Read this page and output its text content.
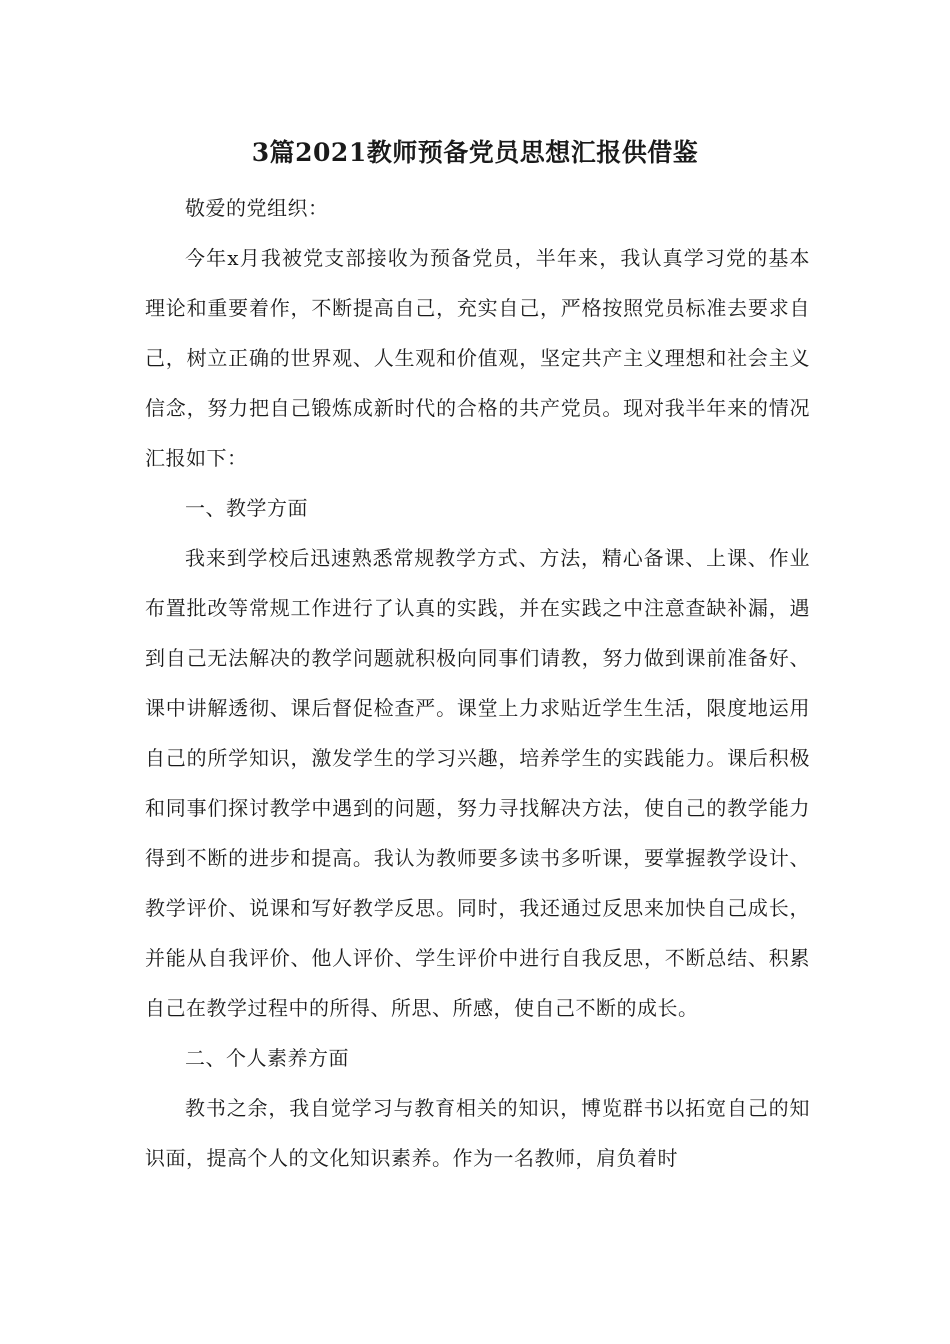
3篇2021教师预备党员思想汇报供借鉴

敬爱的党组织：

今年x月我被党支部接收为预备党员，半年来，我认真学习党的基本理论和重要着作，不断提高自己，充实自己，严格按照党员标准去要求自己，树立正确的世界观、人生观和价值观，坚定共产主义理想和社会主义信念，努力把自己锻炼成新时代的合格的共产党员。现对我半年来的情况汇报如下：

一、教学方面

我来到学校后迅速熟悉常规教学方式、方法，精心备课、上课、作业布置批改等常规工作进行了认真的实践，并在实践之中注意查缺补漏，遇到自己无法解决的教学问题就积极向同事们请教，努力做到课前准备好、课中讲解透彻、课后督促检查严。课堂上力求贴近学生生活，限度地运用自己的所学知识，激发学生的学习兴趣，培养学生的实践能力。课后积极和同事们探讨教学中遇到的问题，努力寻找解决方法，使自己的教学能力得到不断的进步和提高。我认为教师要多读书多听课，要掌握教学设计、教学评价、说课和写好教学反思。同时，我还通过反思来加快自己成长，并能从自我评价、他人评价、学生评价中进行自我反思，不断总结、积累自己在教学过程中的所得、所思、所感，使自己不断的成长。

二、个人素养方面

教书之余，我自觉学习与教育相关的知识，博览群书以拓宽自己的知识面，提高个人的文化知识素养。作为一名教师，肩负着时
